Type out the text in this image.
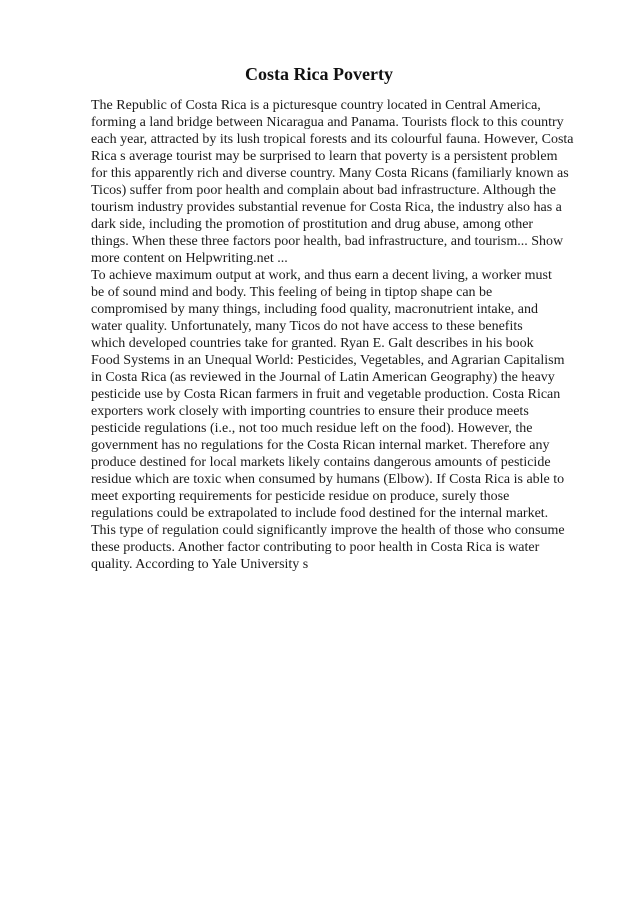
Costa Rica Poverty
The Republic of Costa Rica is a picturesque country located in Central America,
forming a land bridge between Nicaragua and Panama. Tourists flock to this country
each year, attracted by its lush tropical forests and its colourful fauna. However, Costa
Rica s average tourist may be surprised to learn that poverty is a persistent problem
for this apparently rich and diverse country. Many Costa Ricans (familiarly known as
Ticos) suffer from poor health and complain about bad infrastructure. Although the
tourism industry provides substantial revenue for Costa Rica, the industry also has a
dark side, including the promotion of prostitution and drug abuse, among other
things. When these three factors poor health, bad infrastructure, and tourism... Show
more content on Helpwriting.net ...
To achieve maximum output at work, and thus earn a decent living, a worker must
be of sound mind and body. This feeling of being in tiptop shape can be
compromised by many things, including food quality, macronutrient intake, and
water quality. Unfortunately, many Ticos do not have access to these benefits
which developed countries take for granted. Ryan E. Galt describes in his book
Food Systems in an Unequal World: Pesticides, Vegetables, and Agrarian Capitalism
in Costa Rica (as reviewed in the Journal of Latin American Geography) the heavy
pesticide use by Costa Rican farmers in fruit and vegetable production. Costa Rican
exporters work closely with importing countries to ensure their produce meets
pesticide regulations (i.e., not too much residue left on the food). However, the
government has no regulations for the Costa Rican internal market. Therefore any
produce destined for local markets likely contains dangerous amounts of pesticide
residue which are toxic when consumed by humans (Elbow). If Costa Rica is able to
meet exporting requirements for pesticide residue on produce, surely those
regulations could be extrapolated to include food destined for the internal market.
This type of regulation could significantly improve the health of those who consume
these products. Another factor contributing to poor health in Costa Rica is water
quality. According to Yale University s
